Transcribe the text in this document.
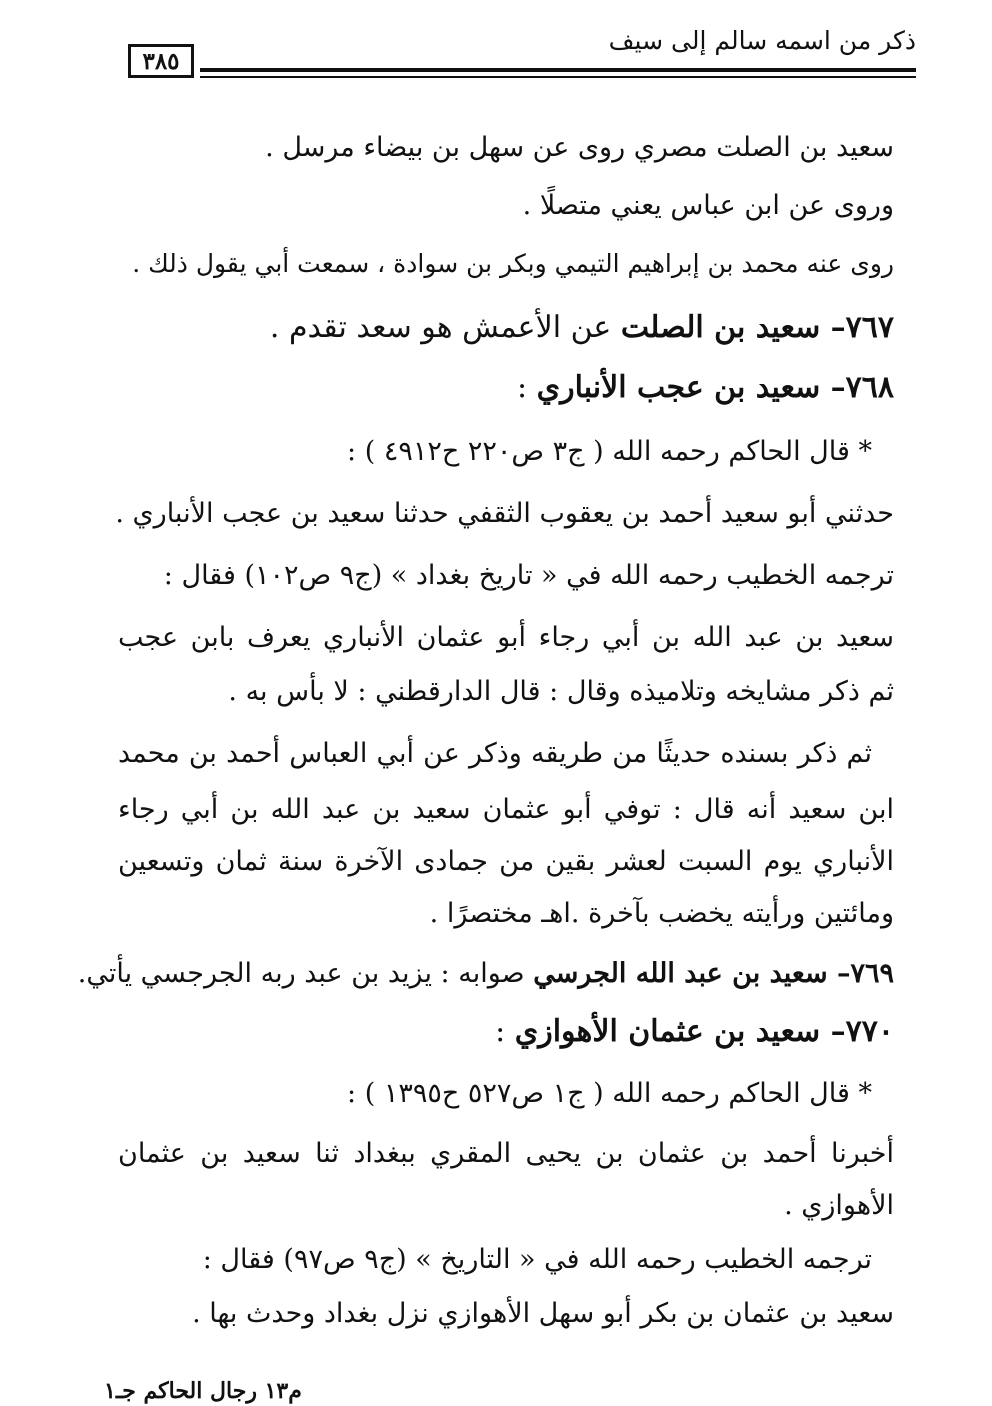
ذكر من اسمه سالم إلى سيف
٣٨٥
سعيد بن الصلت مصري روى عن سهل بن بيضاء مرسل .
وروى عن ابن عباس يعني متصلًا .
روى عنه محمد بن إبراهيم التيمي وبكر بن سوادة ، سمعت أبي يقول ذلك .
٧٦٧– سعيد بن الصلت عن الأعمش هو سعد تقدم .
٧٦٨– سعيد بن عجب الأنباري :
* قال الحاكم رحمه الله ( ج٣ ص٢٢٠ ح٤٩١٢ ) :
حدثني أبو سعيد أحمد بن يعقوب الثقفي حدثنا سعيد بن عجب الأنباري .
ترجمه الخطيب رحمه الله في « تاريخ بغداد » (ج٩ ص١٠٢) فقال :
سعيد بن عبد الله بن أبي رجاء أبو عثمان الأنباري يعرف بابن عجب
ثم ذكر مشايخه وتلاميذه وقال : قال الدارقطني : لا بأس به .
ثم ذكر بسنده حديثًا من طريقه وذكر عن أبي العباس أحمد بن محمد
ابن سعيد أنه قال : توفي أبو عثمان سعيد بن عبد الله بن أبي رجاء
الأنباري يوم السبت لعشر بقين من جمادى الآخرة سنة ثمان وتسعين
ومائتين ورأيته يخضب بآخرة .اهـ مختصرًا .
٧٦٩– سعيد بن عبد الله الجرسي صوابه : يزيد بن عبد ربه الجرجسي يأتي.
٧٧٠– سعيد بن عثمان الأهوازي :
* قال الحاكم رحمه الله ( ج١ ص٥٢٧ ح١٣٩٥ ) :
أخبرنا أحمد بن عثمان بن يحيى المقري ببغداد ثنا سعيد بن عثمان
الأهوازي .
ترجمه الخطيب رحمه الله في « التاريخ » (ج٩ ص٩٧) فقال :
سعيد بن عثمان بن بكر أبو سهل الأهوازي نزل بغداد وحدث بها .
م١٣ رجال الحاكم جـ١
